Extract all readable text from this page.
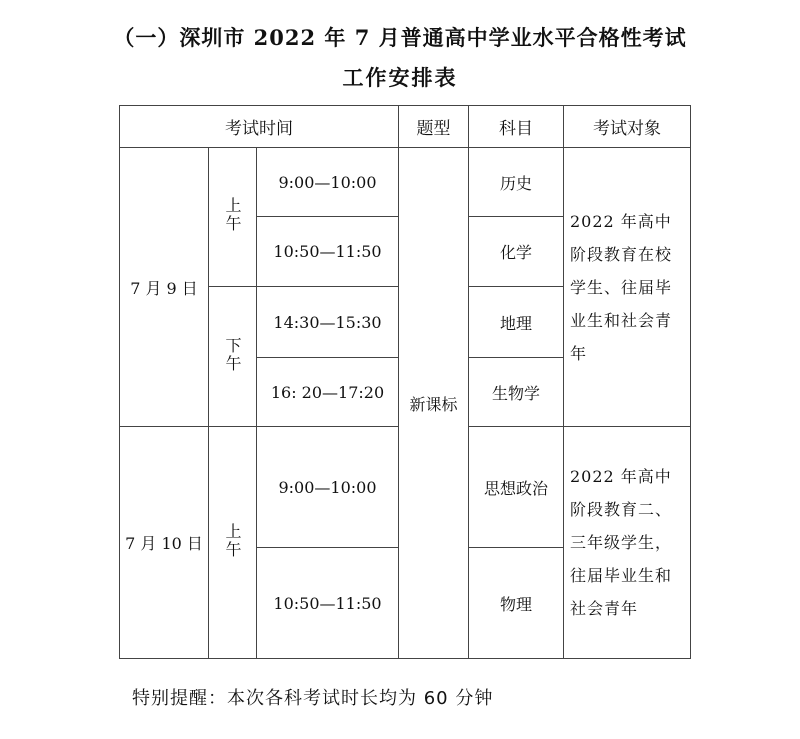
（一）深圳市 2022 年 7 月普通高中学业水平合格性考试
工作安排表
考试时间			题型	科目	考试对象
7 月 9 日	上午	9:00—10:00	新课标	历史	2022 年高中阶段教育在校学生、往届毕业生和社会青年
		10:50—11:50		化学	
	下午	14:30—15:30		地理	
		16: 20—17:20		生物学	
7 月 10 日	上午	9:00—10:00		思想政治	2022 年高中阶段教育二、三年级学生，往届毕业生和社会青年
		10:50—11:50		物理	
特别提醒：本次各科考试时长均为 60 分钟
